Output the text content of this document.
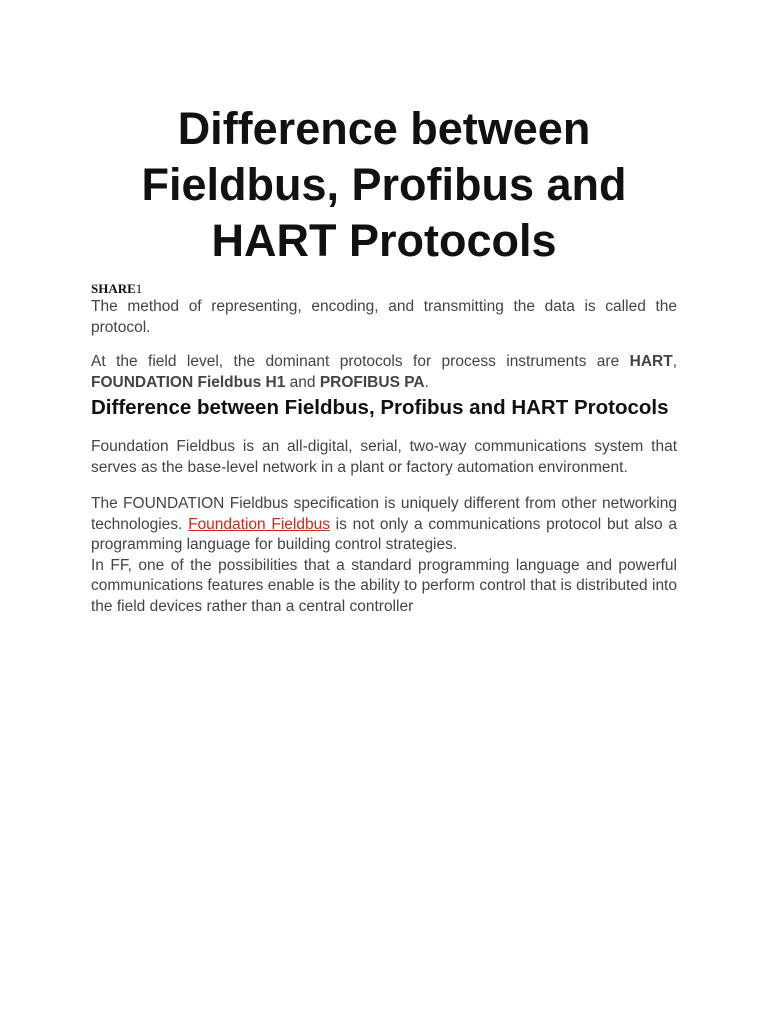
Difference between
Fieldbus, Profibus and
HART Protocols
SHARE1

The method of representing, encoding, and transmitting the data is called the protocol.

At the field level, the dominant protocols for process instruments are HART, FOUNDATION Fieldbus H1 and PROFIBUS PA.

Difference between Fieldbus, Profibus and HART Protocols

Foundation Fieldbus is an all-digital, serial, two-way communications system that serves as the base-level network in a plant or factory automation environment.

The FOUNDATION Fieldbus specification is uniquely different from other networking technologies. Foundation Fieldbus is not only a communications protocol but also a programming language for building control strategies.

In FF, one of the possibilities that a standard programming language and powerful communications features enable is the ability to perform control that is distributed into the field devices rather than a central controller
